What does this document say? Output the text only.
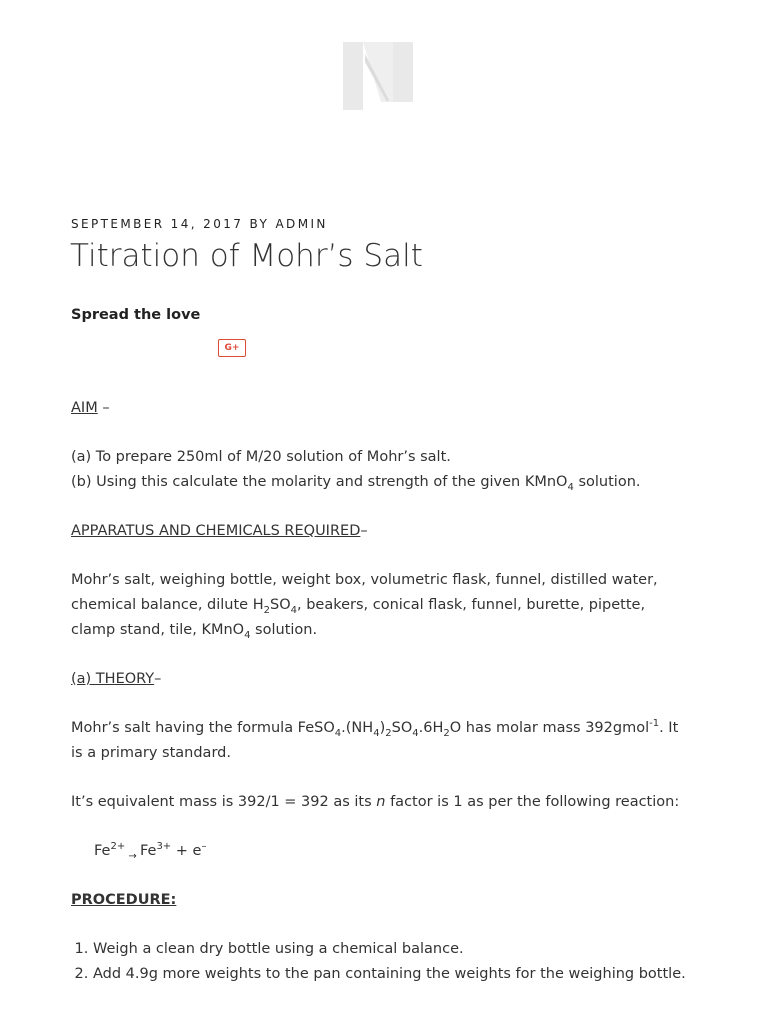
SEPTEMBER 14, 2017 BY ADMIN
Titration of Mohr’s Salt
Spread the love
G+

AIM –

(a) To prepare 250ml of M/20 solution of Mohr’s salt.
(b) Using this calculate the molarity and strength of the given KMnO$_4$ solution.

APPARATUS AND CHEMICALS REQUIRED–

Mohr’s salt, weighing bottle, weight box, volumetric flask, funnel, distilled water, chemical balance, dilute $H_2SO_4$, beakers, conical flask, funnel, burette, pipette, clamp stand, tile, KMnO$_4$ solution.

(a) THEORY–

Mohr’s salt having the formula $FeSO_4.(NH_4)_2SO_4.6H_2O$ has molar mass 392gmol$^{-1}$. It is a primary standard.

It’s equivalent mass is 392/1 = 392 as its n factor is 1 as per the following reaction:

$Fe^{2+}$ $_\to$ $Fe^{3+} + e^-$

PROCEDURE:

1. Weigh a clean dry bottle using a chemical balance.
2. Add 4.9g more weights to the pan containing the weights for the weighing bottle.
